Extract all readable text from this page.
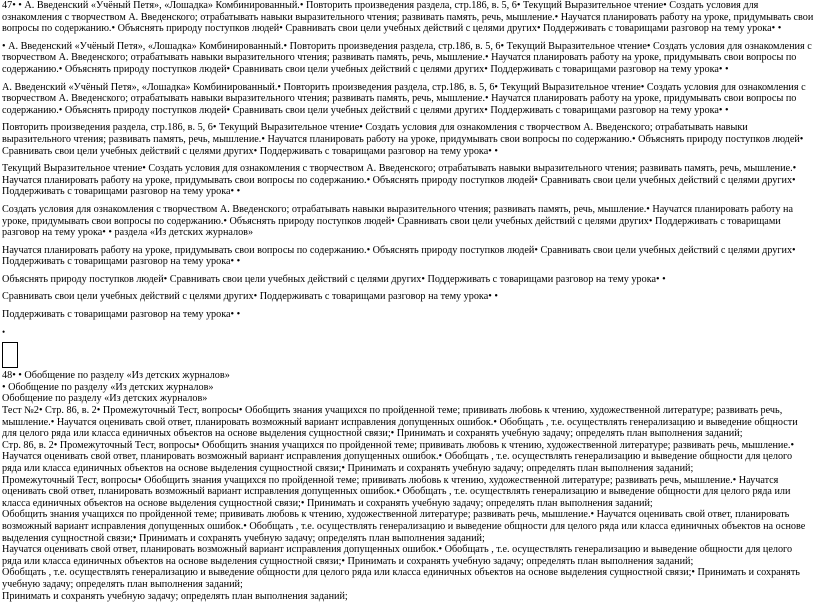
47• • А. Введенский «Учёный Петя», «Лошадка» Комбинированный.• Повторить произведения раздела, стр.186, в. 5, 6• Текущий Выразительное чтение• Создать условия для ознакомления с творчеством А. Введенского; отрабатывать навыки выразительного чтения; развивать память, речь, мышление.• Научатся планировать работу на уроке, придумывать свои вопросы по содержанию.• Объяснять природу поступков людей• Сравнивать свои цели учебных действий с целями других• Поддерживать с товарищами разговор на тему урока• •

• А. Введенский «Учёный Петя», «Лошадка» Комбинированный.• Повторить произведения раздела, стр.186, в. 5, 6• Текущий Выразительное чтение• Создать условия для ознакомления с творчеством А. Введенского; отрабатывать навыки выразительного чтения; развивать память, речь, мышление.• Научатся планировать работу на уроке, придумывать свои вопросы по содержанию.• Объяснять природу поступков людей• Сравнивать свои цели учебных действий с целями других• Поддерживать с товарищами разговор на тему урока• •

А. Введенский «Учёный Петя», «Лошадка» Комбинированный.• Повторить произведения раздела, стр.186, в. 5, 6• Текущий Выразительное чтение• Создать условия для ознакомления с творчеством А. Введенского; отрабатывать навыки выразительного чтения; развивать память, речь, мышление.• Научатся планировать работу на уроке, придумывать свои вопросы по содержанию.• Объяснять природу поступков людей• Сравнивать свои цели учебных действий с целями других• Поддерживать с товарищами разговор на тему урока• •

Повторить произведения раздела, стр.186, в. 5, 6• Текущий Выразительное чтение• Создать условия для ознакомления с творчеством А. Введенского; отрабатывать навыки выразительного чтения; развивать память, речь, мышление.• Научатся планировать работу на уроке, придумывать свои вопросы по содержанию.• Объяснять природу поступков людей• Сравнивать свои цели учебных действий с целями других• Поддерживать с товарищами разговор на тему урока• •

Текущий Выразительное чтение• Создать условия для ознакомления с творчеством А. Введенского; отрабатывать навыки выразительного чтения; развивать память, речь, мышление.• Научатся планировать работу на уроке, придумывать свои вопросы по содержанию.• Объяснять природу поступков людей• Сравнивать свои цели учебных действий с целями других• Поддерживать с товарищами разговор на тему урока• •

Создать условия для ознакомления с творчеством А. Введенского; отрабатывать навыки выразительного чтения; развивать память, речь, мышление.• Научатся планировать работу на уроке, придумывать свои вопросы по содержанию.• Объяснять природу поступков людей• Сравнивать свои цели учебных действий с целями других• Поддерживать с товарищами разговор на тему урока• • раздела «Из детских журналов»

Научатся планировать работу на уроке, придумывать свои вопросы по содержанию.• Объяснять природу поступков людей• Сравнивать свои цели учебных действий с целями других• Поддерживать с товарищами разговор на тему урока• •

Объяснять природу поступков людей• Сравнивать свои цели учебных действий с целями других• Поддерживать с товарищами разговор на тему урока• •

Сравнивать свои цели учебных действий с целями других• Поддерживать с товарищами разговор на тему урока• •

Поддерживать с товарищами разговор на тему урока• •

•

48• • Обобщение по разделу «Из детских журналов»

• Обобщение по разделу «Из детских журналов»

Обобщение по разделу «Из детских журналов»

Тест №2• Стр. 86, в. 2• Промежуточный Тест, вопросы• Обобщить знания учащихся по пройденной теме; прививать любовь к чтению, художественной литературе; развивать речь, мышление.• Научатся оценивать свой ответ, планировать возможный вариант исправления допущенных ошибок.• Обобщать , т.е. осуществлять генерализацию и выведение общности для целого ряда или класса единичных объектов на основе выделения сущностной связи;• Принимать и сохранять учебную задачу; определять план выполнения заданий;

Стр. 86, в. 2• Промежуточный Тест, вопросы• Обобщить знания учащихся по пройденной теме; прививать любовь к чтению, художественной литературе; развивать речь, мышление.• Научатся оценивать свой ответ, планировать возможный вариант исправления допущенных ошибок.• Обобщать , т.е. осуществлять генерализацию и выведение общности для целого ряда или класса единичных объектов на основе выделения сущностной связи;• Принимать и сохранять учебную задачу; определять план выполнения заданий;

Промежуточный Тест, вопросы• Обобщить знания учащихся по пройденной теме; прививать любовь к чтению, художественной литературе; развивать речь, мышление.• Научатся оценивать свой ответ, планировать возможный вариант исправления допущенных ошибок.• Обобщать , т.е. осуществлять генерализацию и выведение общности для целого ряда или класса единичных объектов на основе выделения сущностной связи;• Принимать и сохранять учебную задачу; определять план выполнения заданий;

Обобщить знания учащихся по пройденной теме; прививать любовь к чтению, художественной литературе; развивать речь, мышление.• Научатся оценивать свой ответ, планировать возможный вариант исправления допущенных ошибок.• Обобщать , т.е. осуществлять генерализацию и выведение общности для целого ряда или класса единичных объектов на основе выделения сущностной связи;• Принимать и сохранять учебную задачу; определять план выполнения заданий;

Научатся оценивать свой ответ, планировать возможный вариант исправления допущенных ошибок.• Обобщать , т.е. осуществлять генерализацию и выведение общности для целого ряда или класса единичных объектов на основе выделения сущностной связи;• Принимать и сохранять учебную задачу; определять план выполнения заданий;

Обобщать , т.е. осуществлять генерализацию и выведение общности для целого ряда или класса единичных объектов на основе выделения сущностной связи;• Принимать и сохранять учебную задачу; определять план выполнения заданий;

Принимать и сохранять учебную задачу; определять план выполнения заданий;
